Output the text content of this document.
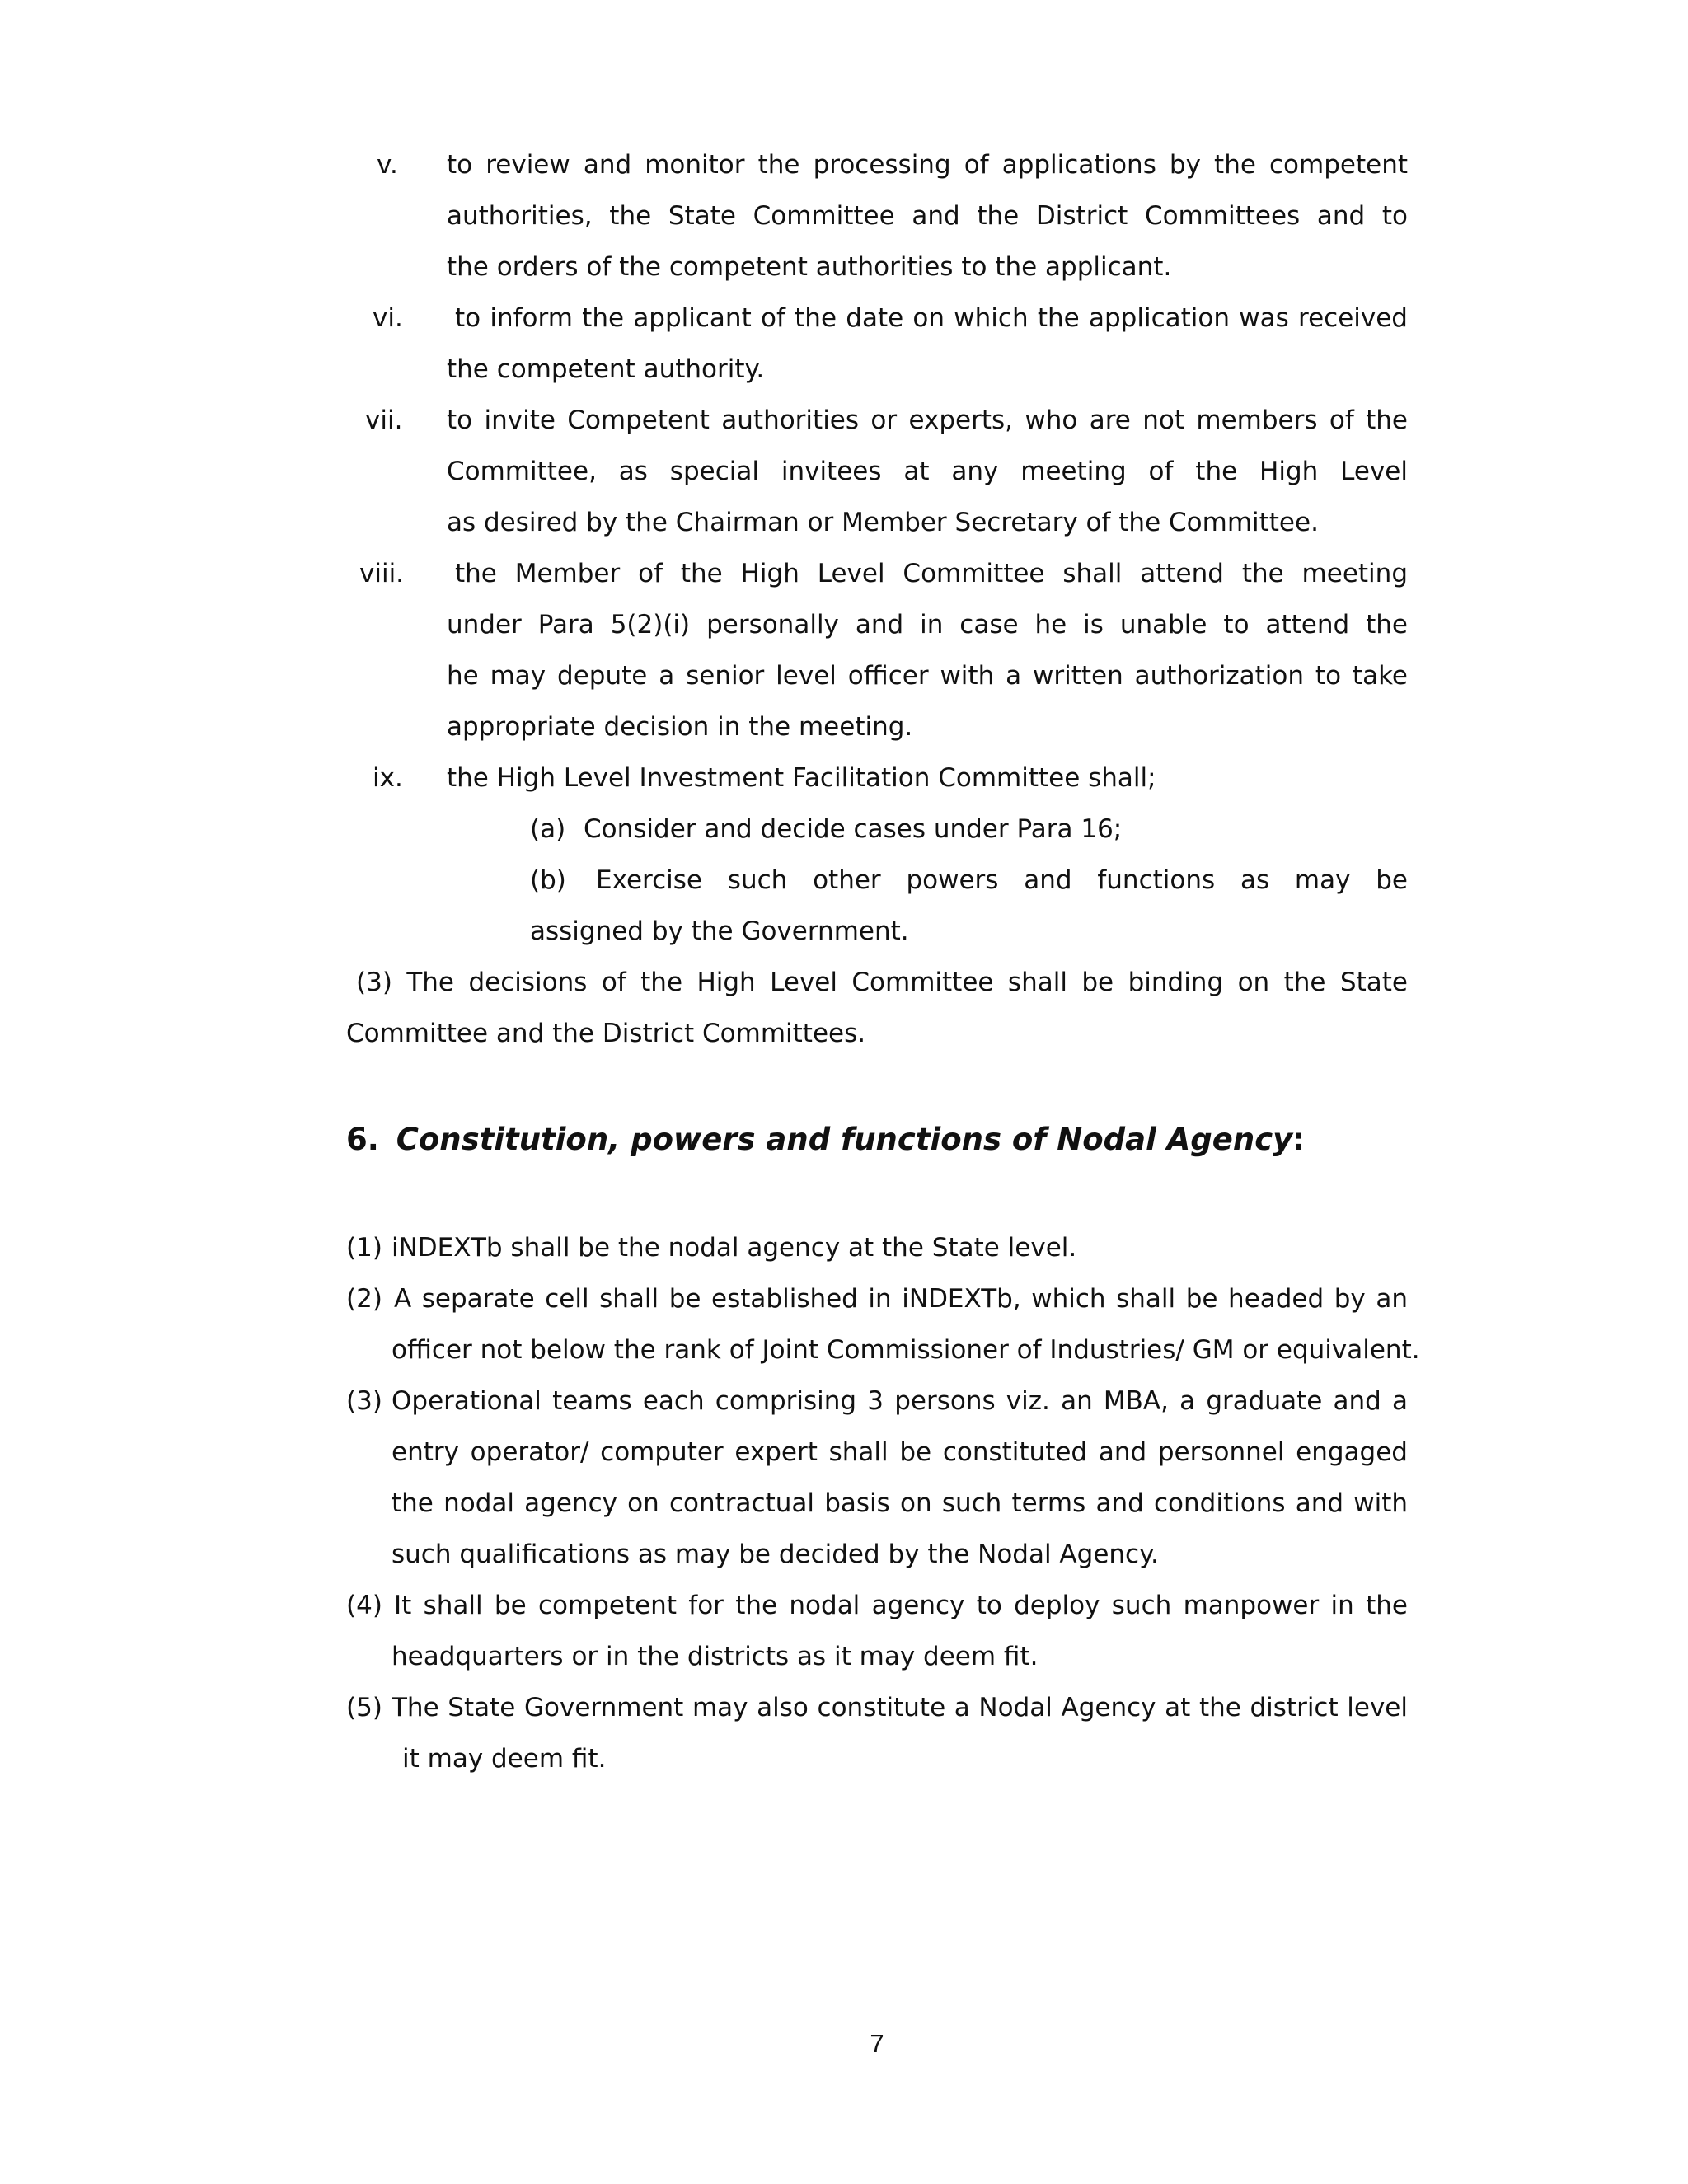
v. to review and monitor the processing of applications by the competent
authorities, the State Committee and the District Committees and to
the orders of the competent authorities to the applicant.
vi. to inform the applicant of the date on which the application was received
the competent authority.
vii. to invite Competent authorities or experts, who are not members of the
Committee, as special invitees at any meeting of the High Level
as desired by the Chairman or Member Secretary of the Committee.
viii. the Member of the High Level Committee shall attend the meeting
under Para 5(2)(i) personally and in case he is unable to attend the
he may depute a senior level officer with a written authorization to take
appropriate decision in the meeting.
ix. the High Level Investment Facilitation Committee shall;
(a) Consider and decide cases under Para 16;
(b) Exercise such other powers and functions as may be
assigned by the Government.
(3) The decisions of the High Level Committee shall be binding on the State
Committee and the District Committees.
6. Constitution, powers and functions of Nodal Agency:
(1) iNDEXTb shall be the nodal agency at the State level.
(2) A separate cell shall be established in iNDEXTb, which shall be headed by an
officer not below the rank of Joint Commissioner of Industries/ GM or equivalent.
(3) Operational teams each comprising 3 persons viz. an MBA, a graduate and a
entry operator/ computer expert shall be constituted and personnel engaged
the nodal agency on contractual basis on such terms and conditions and with
such qualifications as may be decided by the Nodal Agency.
(4) It shall be competent for the nodal agency to deploy such manpower in the
headquarters or in the districts as it may deem fit.
(5) The State Government may also constitute a Nodal Agency at the district level
it may deem fit.
7
